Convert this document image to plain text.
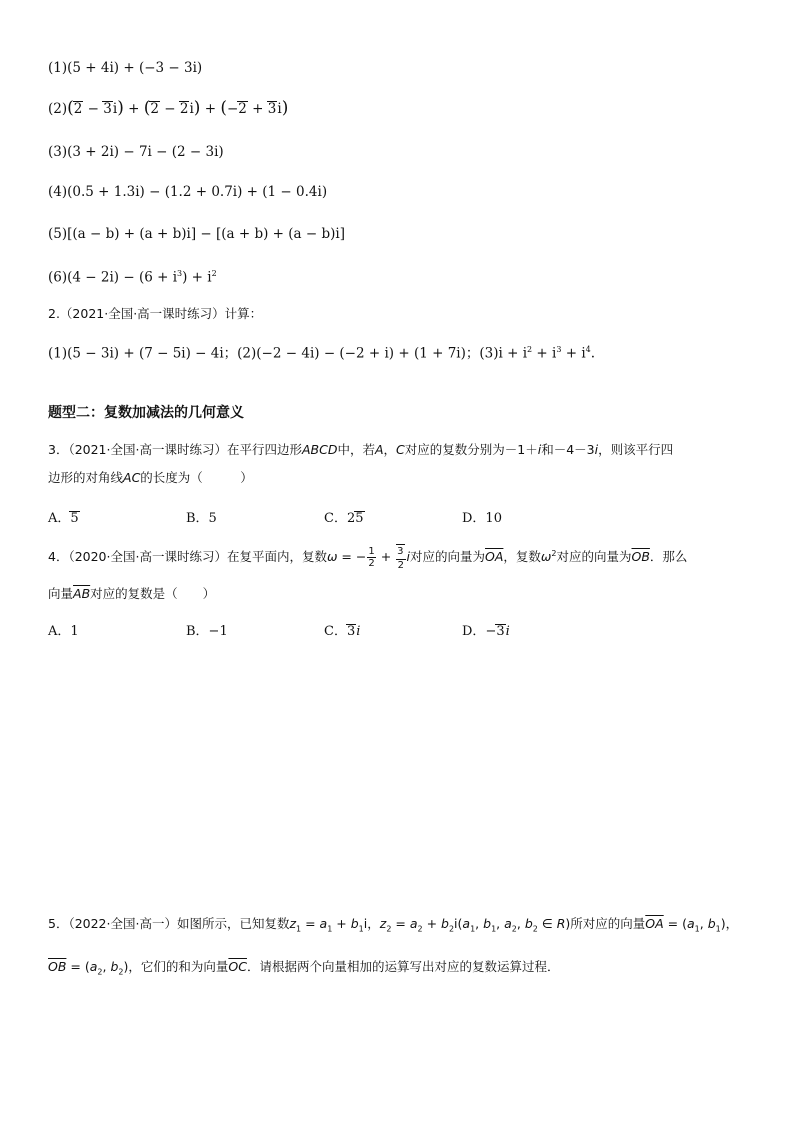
(1)(5 + 4i) + (−3 − 3i)
(2)(2 − 3i) + (2 − 2i) + (−2 + 3i)
(3)(3 + 2i) − 7i − (2 − 3i)
(4)(0.5 + 1.3i) − (1.2 + 0.7i) + (1 − 0.4i)
(5)[(a − b) + (a + b)i] − [(a + b) + (a − b)i]
$(6)(4 - 2i) - (6 + i^3) + i^2$
2.（2021·全国·高一课时练习）计算：
(1)(5 − 3i) + (7 − 5i) − 4i；(2)(−2 − 4i) − (−2 + i) + (1 + 7i)；$(3)i + i^2 + i^3 + i^4$.
题型二：复数加减法的几何意义
3．（2021·全国·高一课时练习）在平行四边形ABCD中，若A，C对应的复数分别为－1＋i和－4－3i，则该平行四
边形的对角线AC的长度为（　　　）
A．5	B．5	C．25	D．10
4．（2020·全国·高一课时练习）在复平面内，复数ω = − $\frac{1}{2} + \frac{3}{2}$ i对应的向量为$\overline{OA}$，复数$\omega^2$对应的向量为$\overline{OB}$．那么
向量$\overline{AB}$对应的复数是（　　）
A．1	B．−1	C．3i	D．−3i
5．（2022·全国·高一）如图所示，已知复数$z_1 = a_1 + b_1i$，$z_2 = a_2 + b_2i(a_1$, $b_1$, $a_2$, $b_2$ ∈ R)所对应的向量$\overline{OA} = (a_1$, $b_1$)，
$\overline{OB} = (a_2$, $b_2$)，它们的和为向量$\overline{OC}$．请根据两个向量相加的运算写出对应的复数运算过程．
